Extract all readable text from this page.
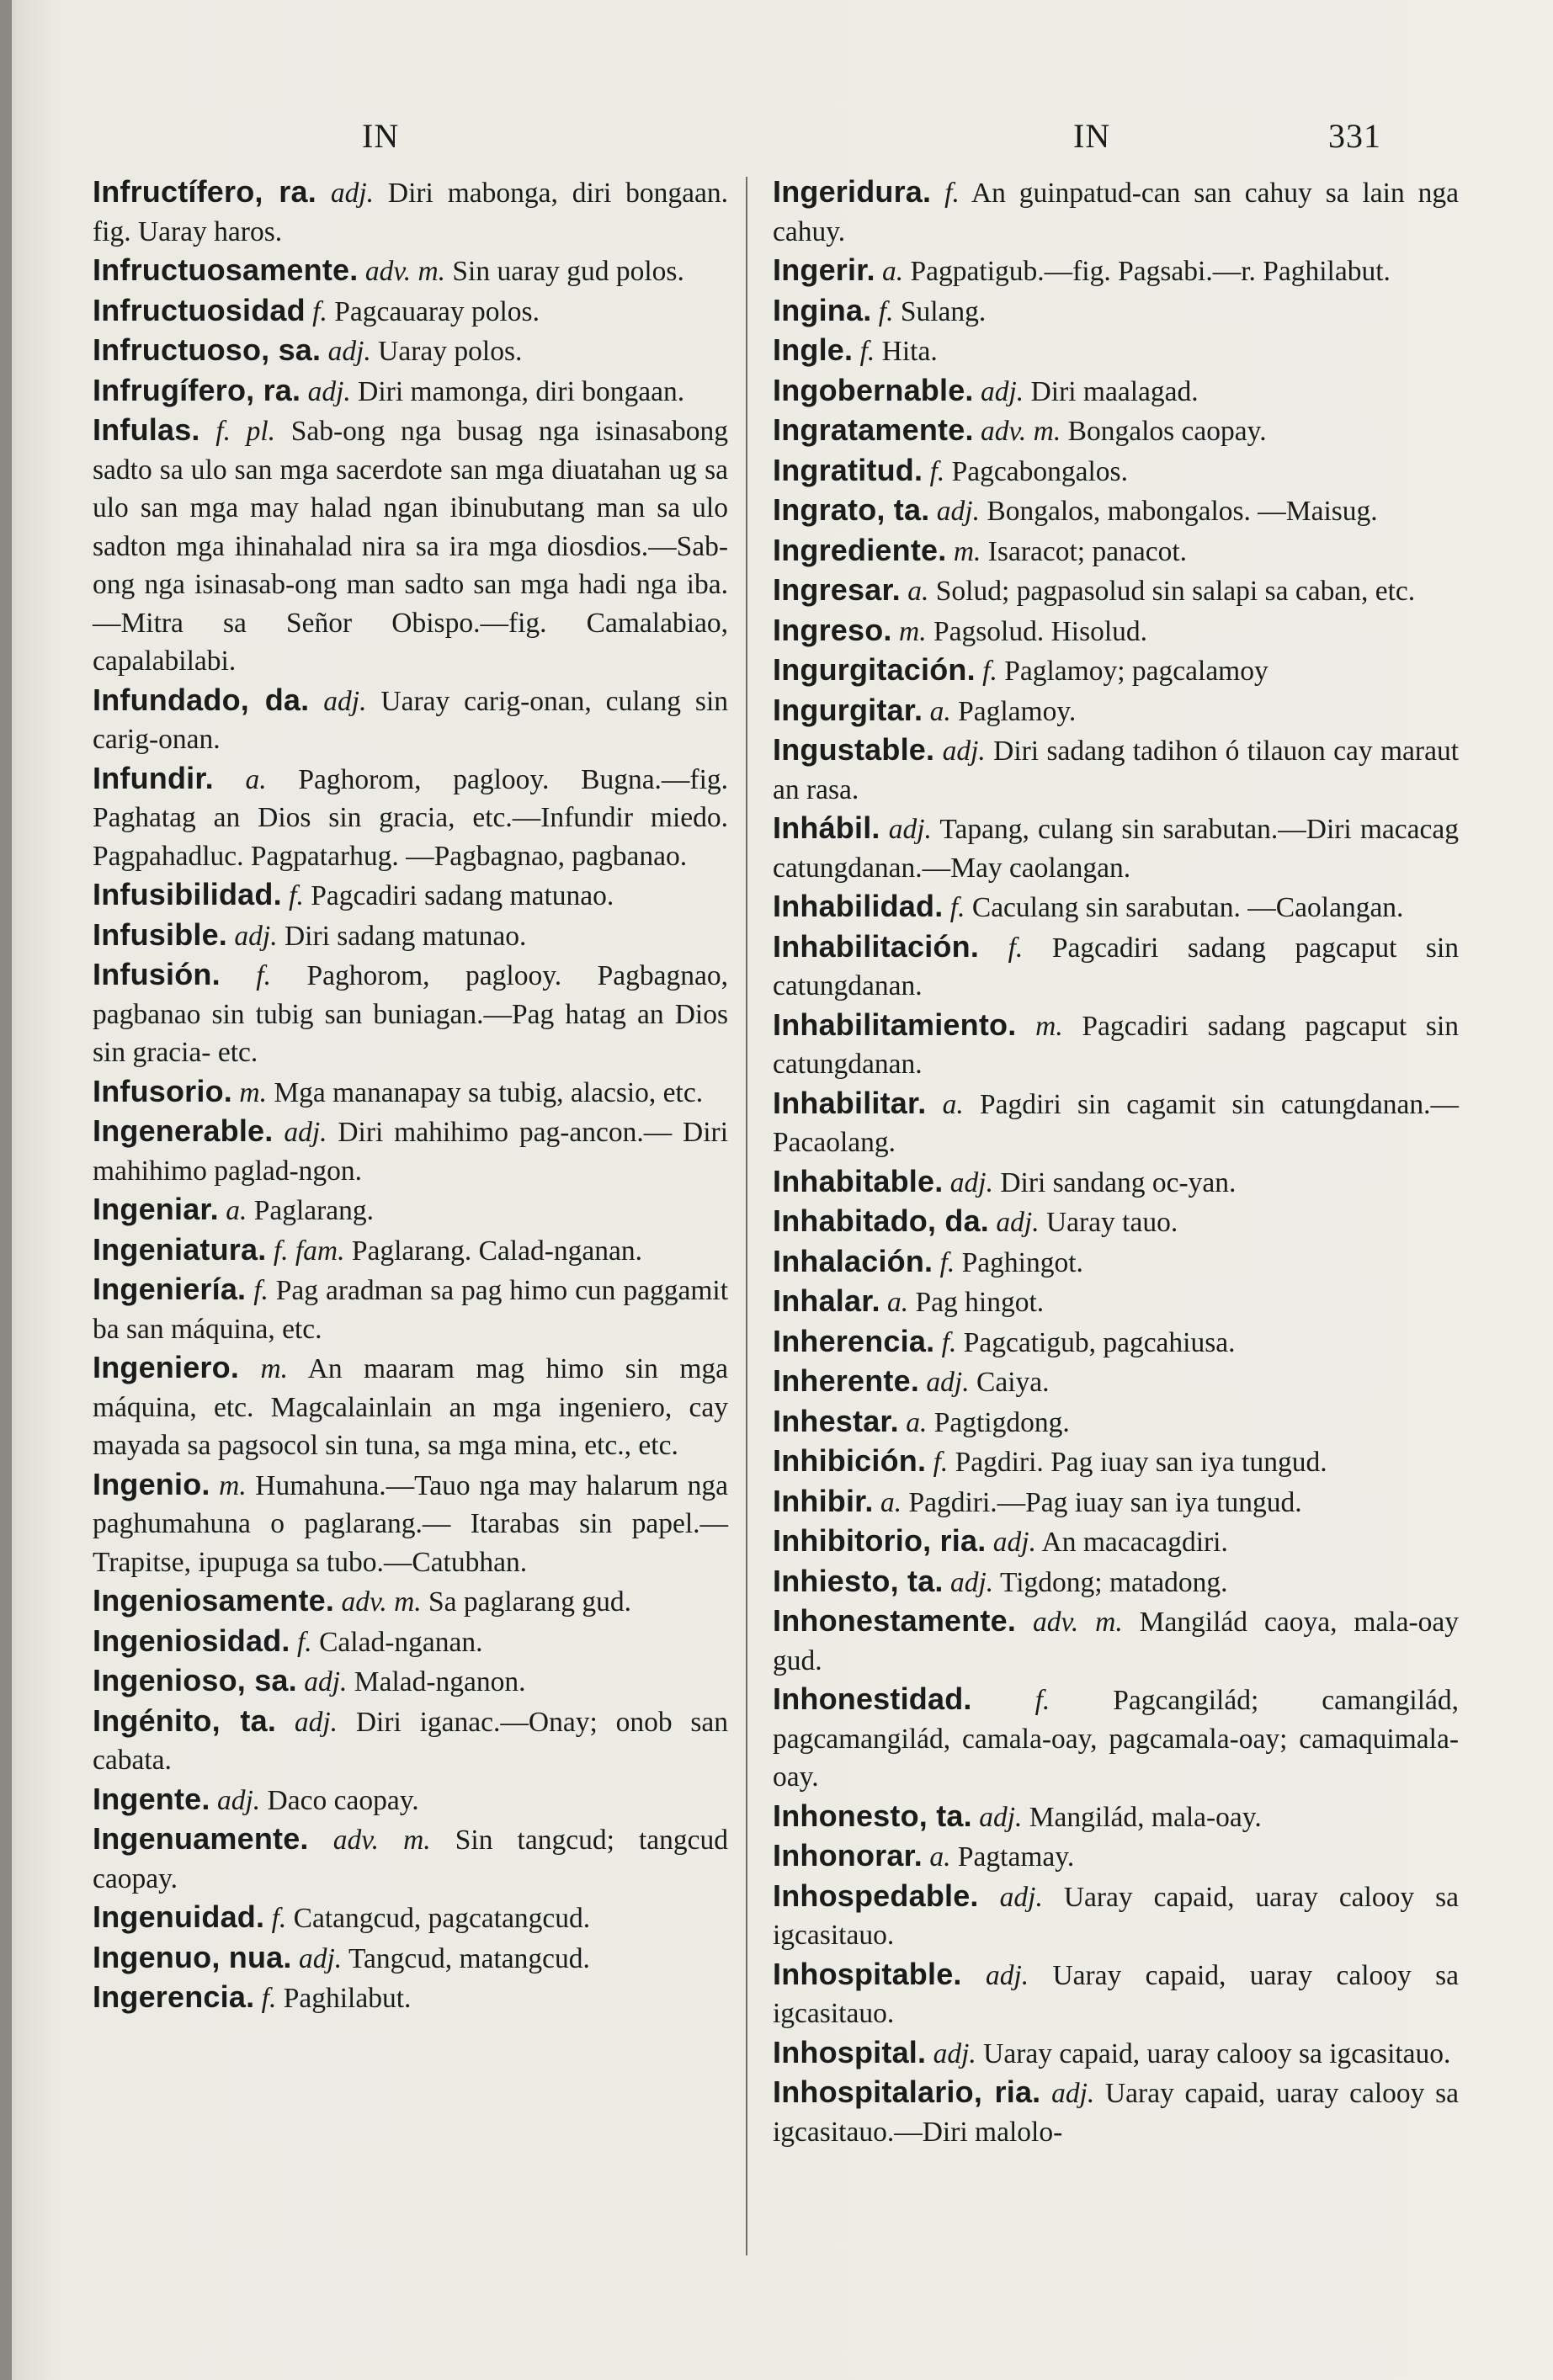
IN	IN	331

Infructífero, ra. adj. Diri mabonga, diri bongaan. fig. Uaray haros.

Infructuosamente. adv. m. Sin uaray gud polos.

Infructuosidad f. Pagcauaray polos.

Infructuoso, sa. adj. Uaray polos.

Infrugífero, ra. adj. Diri mamonga, diri bongaan.

Infulas. f. pl. Sab-ong nga busag nga isinasabong sadto sa ulo san mga sacerdote san mga diuatahan ug sa ulo san mga may halad ngan ibinubutang man sa ulo sadton mga ihinahalad nira sa ira mga diosdios.—Sab-ong nga isinasab-ong man sadto san mga hadi nga iba.—Mitra sa Señor Obispo.—fig. Camalabiao, capalabilabi.

Infundado, da. adj. Uaray carig-onan, culang sin carig-onan.

Infundir. a. Paghorom, paglooy. Bugna.—fig. Paghatag an Dios sin gracia, etc.—Infundir miedo. Pagpahadluc. Pagpatarhug. —Pagbagnao, pagbanao.

Infusibilidad. f. Pagcadiri sadang matunao.

Infusible. adj. Diri sadang matunao.

Infusión. f. Paghorom, paglooy. Pagbagnao, pagbanao sin tubig san buniagan.—Pag hatag an Dios sin gracia- etc.

Infusorio. m. Mga mananapay sa tubig, alacsio, etc.

Ingenerable. adj. Diri mahihimo pag-ancon.— Diri mahihimo paglad-ngon.

Ingeniar. a. Paglarang.

Ingeniatura. f. fam. Paglarang. Calad-nganan.

Ingeniería. f. Pag aradman sa pag himo cun paggamit ba san máquina, etc.

Ingeniero. m. An maaram mag himo sin mga máquina, etc. Magcalainlain an mga ingeniero, cay mayada sa pagsocol sin tuna, sa mga mina, etc., etc.

Ingenio. m. Humahuna.—Tauo nga may halarum nga paghumahuna o paglarang.— Itarabas sin papel.—Trapitse, ipupuga sa tubo.—Catubhan.

Ingeniosamente. adv. m. Sa paglarang gud.

Ingeniosidad. f. Calad-nganan.

Ingenioso, sa. adj. Malad-nganon.

Ingénito, ta. adj. Diri iganac.—Onay; onob san cabata.

Ingente. adj. Daco caopay.

Ingenuamente. adv. m. Sin tangcud; tangcud caopay.

Ingenuidad. f. Catangcud, pagcatangcud.

Ingenuo, nua. adj. Tangcud, matangcud.

Ingerencia. f. Paghilabut.

Ingeridura. f. An guinpatud-can san cahuy sa lain nga cahuy.

Ingerir. a. Pagpatigub.—fig. Pagsabi.—r. Paghilabut.

Ingina. f. Sulang.

Ingle. f. Hita.

Ingobernable. adj. Diri maalagad.

Ingratamente. adv. m. Bongalos caopay.

Ingratitud. f. Pagcabongalos.

Ingrato, ta. adj. Bongalos, mabongalos. —Maisug.

Ingrediente. m. Isaracot; panacot.

Ingresar. a. Solud; pagpasolud sin salapi sa caban, etc.

Ingreso. m. Pagsolud. Hisolud.

Ingurgitación. f. Paglamoy; pagcalamoy

Ingurgitar. a. Paglamoy.

Ingustable. adj. Diri sadang tadihon ó tilauon cay maraut an rasa.

Inhábil. adj. Tapang, culang sin sarabutan.—Diri macacag catungdanan.—May caolangan.

Inhabilidad. f. Caculang sin sarabutan. —Caolangan.

Inhabilitación. f. Pagcadiri sadang pagcaput sin catungdanan.

Inhabilitamiento. m. Pagcadiri sadang pagcaput sin catungdanan.

Inhabilitar. a. Pagdiri sin cagamit sin catungdanan.—Pacaolang.

Inhabitable. adj. Diri sandang oc-yan.

Inhabitado, da. adj. Uaray tauo.

Inhalación. f. Paghingot.

Inhalar. a. Pag hingot.

Inherencia. f. Pagcatigub, pagcahiusa.

Inherente. adj. Caiya.

Inhestar. a. Pagtigdong.

Inhibición. f. Pagdiri. Pag iuay san iya tungud.

Inhibir. a. Pagdiri.—Pag iuay san iya tungud.

Inhibitorio, ria. adj. An macacagdiri.

Inhiesto, ta. adj. Tigdong; matadong.

Inhonestamente. adv. m. Mangilád caoya, mala-oay gud.

Inhonestidad. f. Pagcangilád; camangilád, pagcamangilád, camala-oay, pagcamala-oay; camaquimala-oay.

Inhonesto, ta. adj. Mangilád, mala-oay.

Inhonorar. a. Pagtamay.

Inhospedable. adj. Uaray capaid, uaray calooy sa igcasitauo.

Inhospitable. adj. Uaray capaid, uaray calooy sa igcasitauo.

Inhospital. adj. Uaray capaid, uaray calooy sa igcasitauo.

Inhospitalario, ria. adj. Uaray capaid, uaray calooy sa igcasitauo.—Diri malolo-
